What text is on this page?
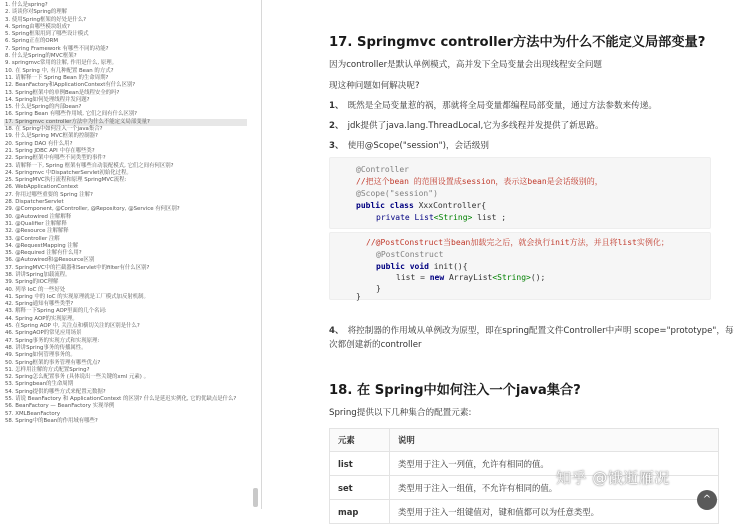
1. 什么是spring?
2. 谈谈你对Spring的理解
3. 使用Spring框架的好处是什么?
4. Spring由哪些模块组成?
5. Spring框架用到了哪些设计模式
6. Spring正在的ORM
7. Spring Framework 有哪些不同的功能?
8. 什么是Spring的MVC框架?
9. springmvc常用的注解, 作用是什么, 原理。
10. 在 Spring 中, 有几种配置 Bean 的方式?
11. 请解释一下 Spring Bean 的生命周期?
12. BeanFactory和ApplicationContext有什么区别?
13. Spring框架中的单例Bean是线程安全的吗?
14. Spring如何处理线程并发问题?
15. 什么是Spring的内部bean?
16. Spring Bean 有哪些作用域, 它们之间有什么区别?
17. Springmvc controller方法中为什么不能定义局部变量?
18. 在 Spring中如何注入一个java集合?
19. 什么是Spring MVC框架的控制器?
20. Spring DAO 有什么用?
21. Spring JDBC API 中存在哪些类?
22. Spring框架中有哪些不同类型的事件?
23. 请解释一下, Spring 框架有哪些自动装配模式, 它们之间有何区别?
24. Springmvc 中DispatcherServlet初始化过程。
25. SpringMVC执行流程和原理 SpringMVC流程:
26. WebApplicationContext
27. 你用过哪些重要的 Spring 注解?
28. DispatcherServlet
29. @Component, @Controller, @Repository, @Service 有何区别?
30. @Autowired 注解解释
31. @Qualifier 注解解释
32. @Resource 注解解释
33. @Controller 注解
34. @RequestMapping 注解
35. @Required 注解有什么用?
36. @Autowired和@Resource区别
37. SpringMVC中的拦截器和Servlet中的filter有什么区别?
38. 讲讲Spring加载流程。
39. Spring的IOC理解
40. 列举 IoC 的一些好处
41. Spring 中的 IoC 的实现原理就是工厂模式加反射机制。
42. Spring通知有哪些类型?
43. 解释一下Spring AOP里面的几个名词:
44. Spring AOP的实现原理。
45. 在Spring AOP 中, 关注点和横切关注的区别是什么?
46. SpringAOP的常见应用场景
47. Spring事务的实现方式和实现原理:
48. 讲讲Spring事务的传播属性。
49. Spring如何管理事务的。
50. Spring框架的事务管理有哪些优点?
51. 怎样用注解的方式配置Spring?
52. Spring怎么配置事务 (具体说出一些关键的xml 元素) 。
53. Springbean的生命周期
54. Spring提供的哪些方式来配置元数据?
55. 请说 BeanFactory 和 ApplicationContext 的区别? 什么是延迟实例化, 它的优缺点是什么?
56. BeanFactory — BeanFactory 实现举例
57. XMLBeanFactory
58. Spring中的Bean的作用域有哪些?
17. Springmvc controller方法中为什么不能定义局部变量?
因为controller是默认单例模式，高并发下全局变量会出现线程安全问题
现这种问题如何解决呢?
1、 既然是全局变量惹的祸，那就将全局变量都编程局部变量，通过方法参数来传递。
2、 jdk提供了java.lang.ThreadLocal,它为多线程并发提供了新思路。
3、 使用@Scope("session")，会话级别
@Controller
//把这个bean 的范围设置成session，表示这bean是会话级别的，
@Scope("session")
public class XxxController{
private List<String> list ;
//@PostConstruct当bean加载完之后，就会执行init方法，并且将list实例化；
@PostConstruct
public void init(){
list = new ArrayList<String>();
}
}
4、 将控制器的作用域从单例改为原型，即在spring配置文件Controller中声明 scope="prototype"，每
次都创建新的controller
18. 在 Spring中如何注入一个java集合?
Spring提供以下几种集合的配置元素:
元素	说明
list	类型用于注入一列值，允许有相同的值。
set	类型用于注入一组值，不允许有相同的值。
map	类型用于注入一组键值对，键和值都可以为任意类型。
知乎 @饿逝雁况
^
